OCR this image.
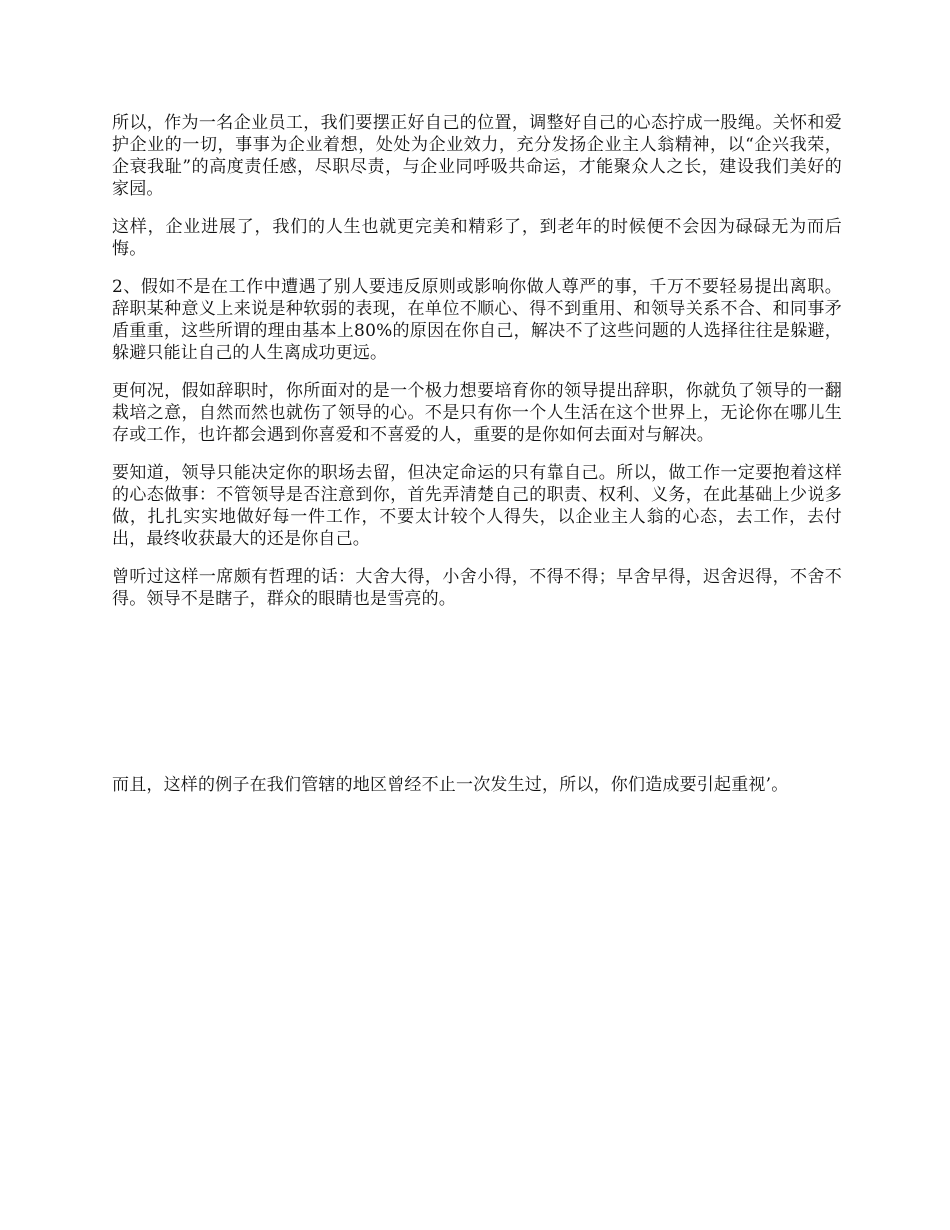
所以，作为一名企业员工，我们要摆正好自己的位置，调整好自己的心态拧成一股绳。关怀和爱护企业的一切，事事为企业着想，处处为企业效力，充分发扬企业主人翁精神，以“企兴我荣，企衰我耻”的高度责任感，尽职尽责，与企业同呼吸共命运，才能聚众人之长，建设我们美好的家园。

这样，企业进展了，我们的人生也就更完美和精彩了，到老年的时候便不会因为碌碌无为而后悔。

2、假如不是在工作中遭遇了别人要违反原则或影响你做人尊严的事，千万不要轻易提出离职。辞职某种意义上来说是种软弱的表现，在单位不顺心、得不到重用、和领导关系不合、和同事矛盾重重，这些所谓的理由基本上80%的原因在你自己，解决不了这些问题的人选择往往是躲避，躲避只能让自己的人生离成功更远。

更何况，假如辞职时，你所面对的是一个极力想要培育你的领导提出辞职，你就负了领导的一翻栽培之意，自然而然也就伤了领导的心。不是只有你一个人生活在这个世界上，无论你在哪儿生存或工作，也许都会遇到你喜爱和不喜爱的人，重要的是你如何去面对与解决。

要知道，领导只能决定你的职场去留，但决定命运的只有靠自己。所以，做工作一定要抱着这样的心态做事：不管领导是否注意到你，首先弄清楚自己的职责、权利、义务，在此基础上少说多做，扎扎实实地做好每一件工作，不要太计较个人得失，以企业主人翁的心态，去工作，去付出，最终收获最大的还是你自己。

曾听过这样一席颇有哲理的话：大舍大得，小舍小得，不得不得；早舍早得，迟舍迟得，不舍不得。领导不是瞎子，群众的眼睛也是雪亮的。

而且，这样的例子在我们管辖的地区曾经不止一次发生过，所以，你们造成要引起重视’。
